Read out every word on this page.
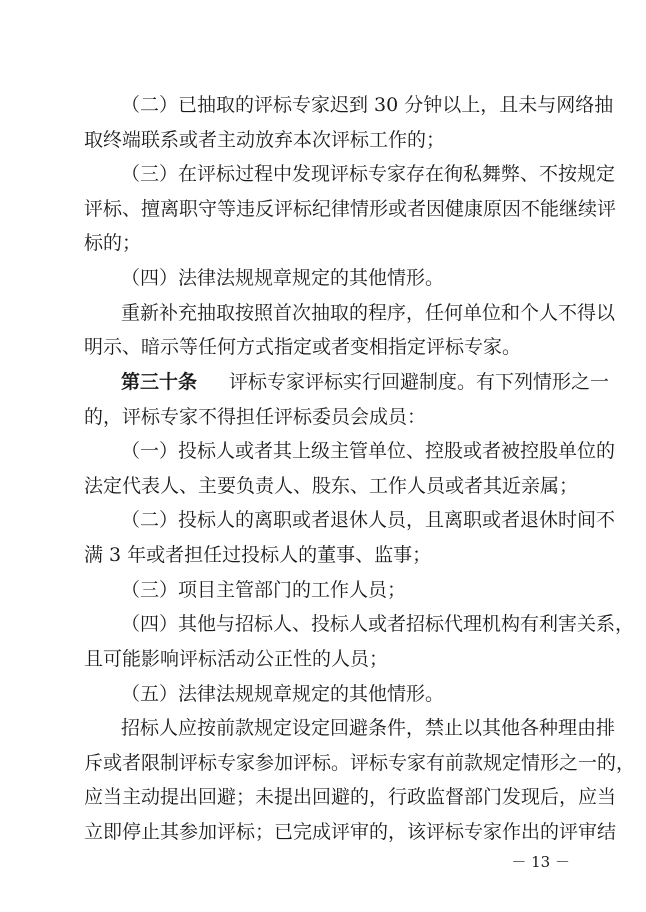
（二）已抽取的评标专家迟到 30 分钟以上，且未与网络抽
取终端联系或者主动放弃本次评标工作的；
（三）在评标过程中发现评标专家存在徇私舞弊、不按规定
评标、擅离职守等违反评标纪律情形或者因健康原因不能继续评
标的；
（四）法律法规规章规定的其他情形。
重新补充抽取按照首次抽取的程序，任何单位和个人不得以
明示、暗示等任何方式指定或者变相指定评标专家。
第三十条	评标专家评标实行回避制度。有下列情形之一
的，评标专家不得担任评标委员会成员：
（一）投标人或者其上级主管单位、控股或者被控股单位的
法定代表人、主要负责人、股东、工作人员或者其近亲属；
（二）投标人的离职或者退休人员，且离职或者退休时间不
满 3 年或者担任过投标人的董事、监事；
（三）项目主管部门的工作人员；
（四）其他与招标人、投标人或者招标代理机构有利害关系，
且可能影响评标活动公正性的人员；
（五）法律法规规章规定的其他情形。
招标人应按前款规定设定回避条件，禁止以其他各种理由排
斥或者限制评标专家参加评标。评标专家有前款规定情形之一的，
应当主动提出回避；未提出回避的，行政监督部门发现后，应当
－ 13 －
立即停止其参加评标；已完成评审的，该评标专家作出的评审结
